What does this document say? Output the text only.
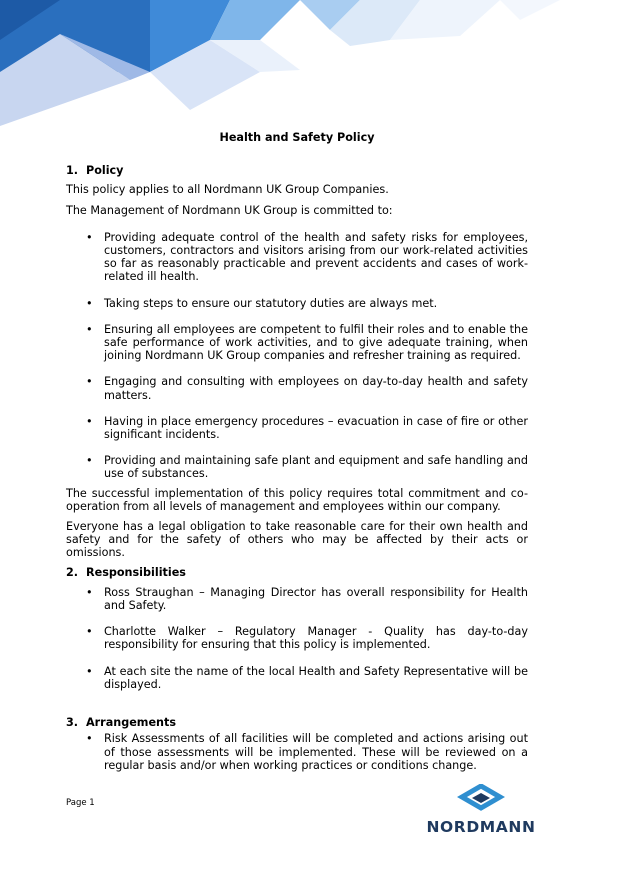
Health and Safety Policy
1. Policy

This policy applies to all Nordmann UK Group Companies.

The Management of Nordmann UK Group is committed to:

• Providing adequate control of the health and safety risks for employees, customers, contractors and visitors arising from our work-related activities so far as reasonably practicable and prevent accidents and cases of work-related ill health.
• Taking steps to ensure our statutory duties are always met.
• Ensuring all employees are competent to fulfil their roles and to enable the safe performance of work activities, and to give adequate training, when joining Nordmann UK Group companies and refresher training as required.
• Engaging and consulting with employees on day-to-day health and safety matters.
• Having in place emergency procedures – evacuation in case of fire or other significant incidents.
• Providing and maintaining safe plant and equipment and safe handling and use of substances.

The successful implementation of this policy requires total commitment and co-operation from all levels of management and employees within our company.

Everyone has a legal obligation to take reasonable care for their own health and safety and for the safety of others who may be affected by their acts or omissions.

2. Responsibilities
• Ross Straughan – Managing Director has overall responsibility for Health and Safety.
• Charlotte Walker – Regulatory Manager - Quality has day-to-day responsibility for ensuring that this policy is implemented.
• At each site the name of the local Health and Safety Representative will be displayed.
3. Arrangements
• Risk Assessments of all facilities will be completed and actions arising out of those assessments will be implemented. These will be reviewed on a regular basis and/or when working practices or conditions change.
Page 1
NORDMANN
